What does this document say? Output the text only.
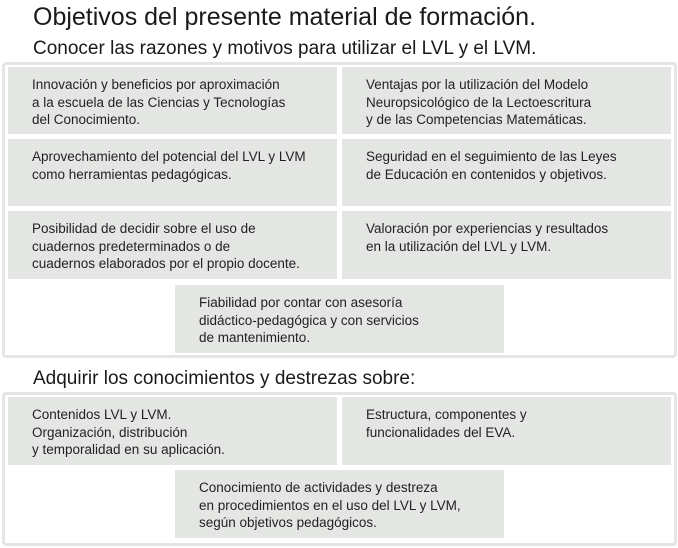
Objetivos del presente material de formación.
Conocer las razones y motivos para utilizar el LVL y el LVM.
Innovación y beneficios por aproximación
a la escuela de las Ciencias y Tecnologías
del Conocimiento.
Ventajas por la utilización del Modelo
Neuropsicológico de la Lectoescritura
y de las Competencias Matemáticas.
Aprovechamiento del potencial del LVL y LVM
como herramientas pedagógicas.
Seguridad en el seguimiento de las Leyes
de Educación en contenidos y objetivos.
Posibilidad de decidir sobre el uso de
cuadernos predeterminados o de
cuadernos elaborados por el propio docente.
Valoración por experiencias y resultados
en la utilización del LVL y LVM.
Fiabilidad por contar con asesoría
didáctico-pedagógica y con servicios
de mantenimiento.
Adquirir los conocimientos y destrezas sobre:
Contenidos LVL y LVM.
Organización, distribución
y temporalidad en su aplicación.
Estructura, componentes y
funcionalidades del EVA.
Conocimiento de actividades y destreza
en procedimientos en el uso del LVL y LVM,
según objetivos pedagógicos.
